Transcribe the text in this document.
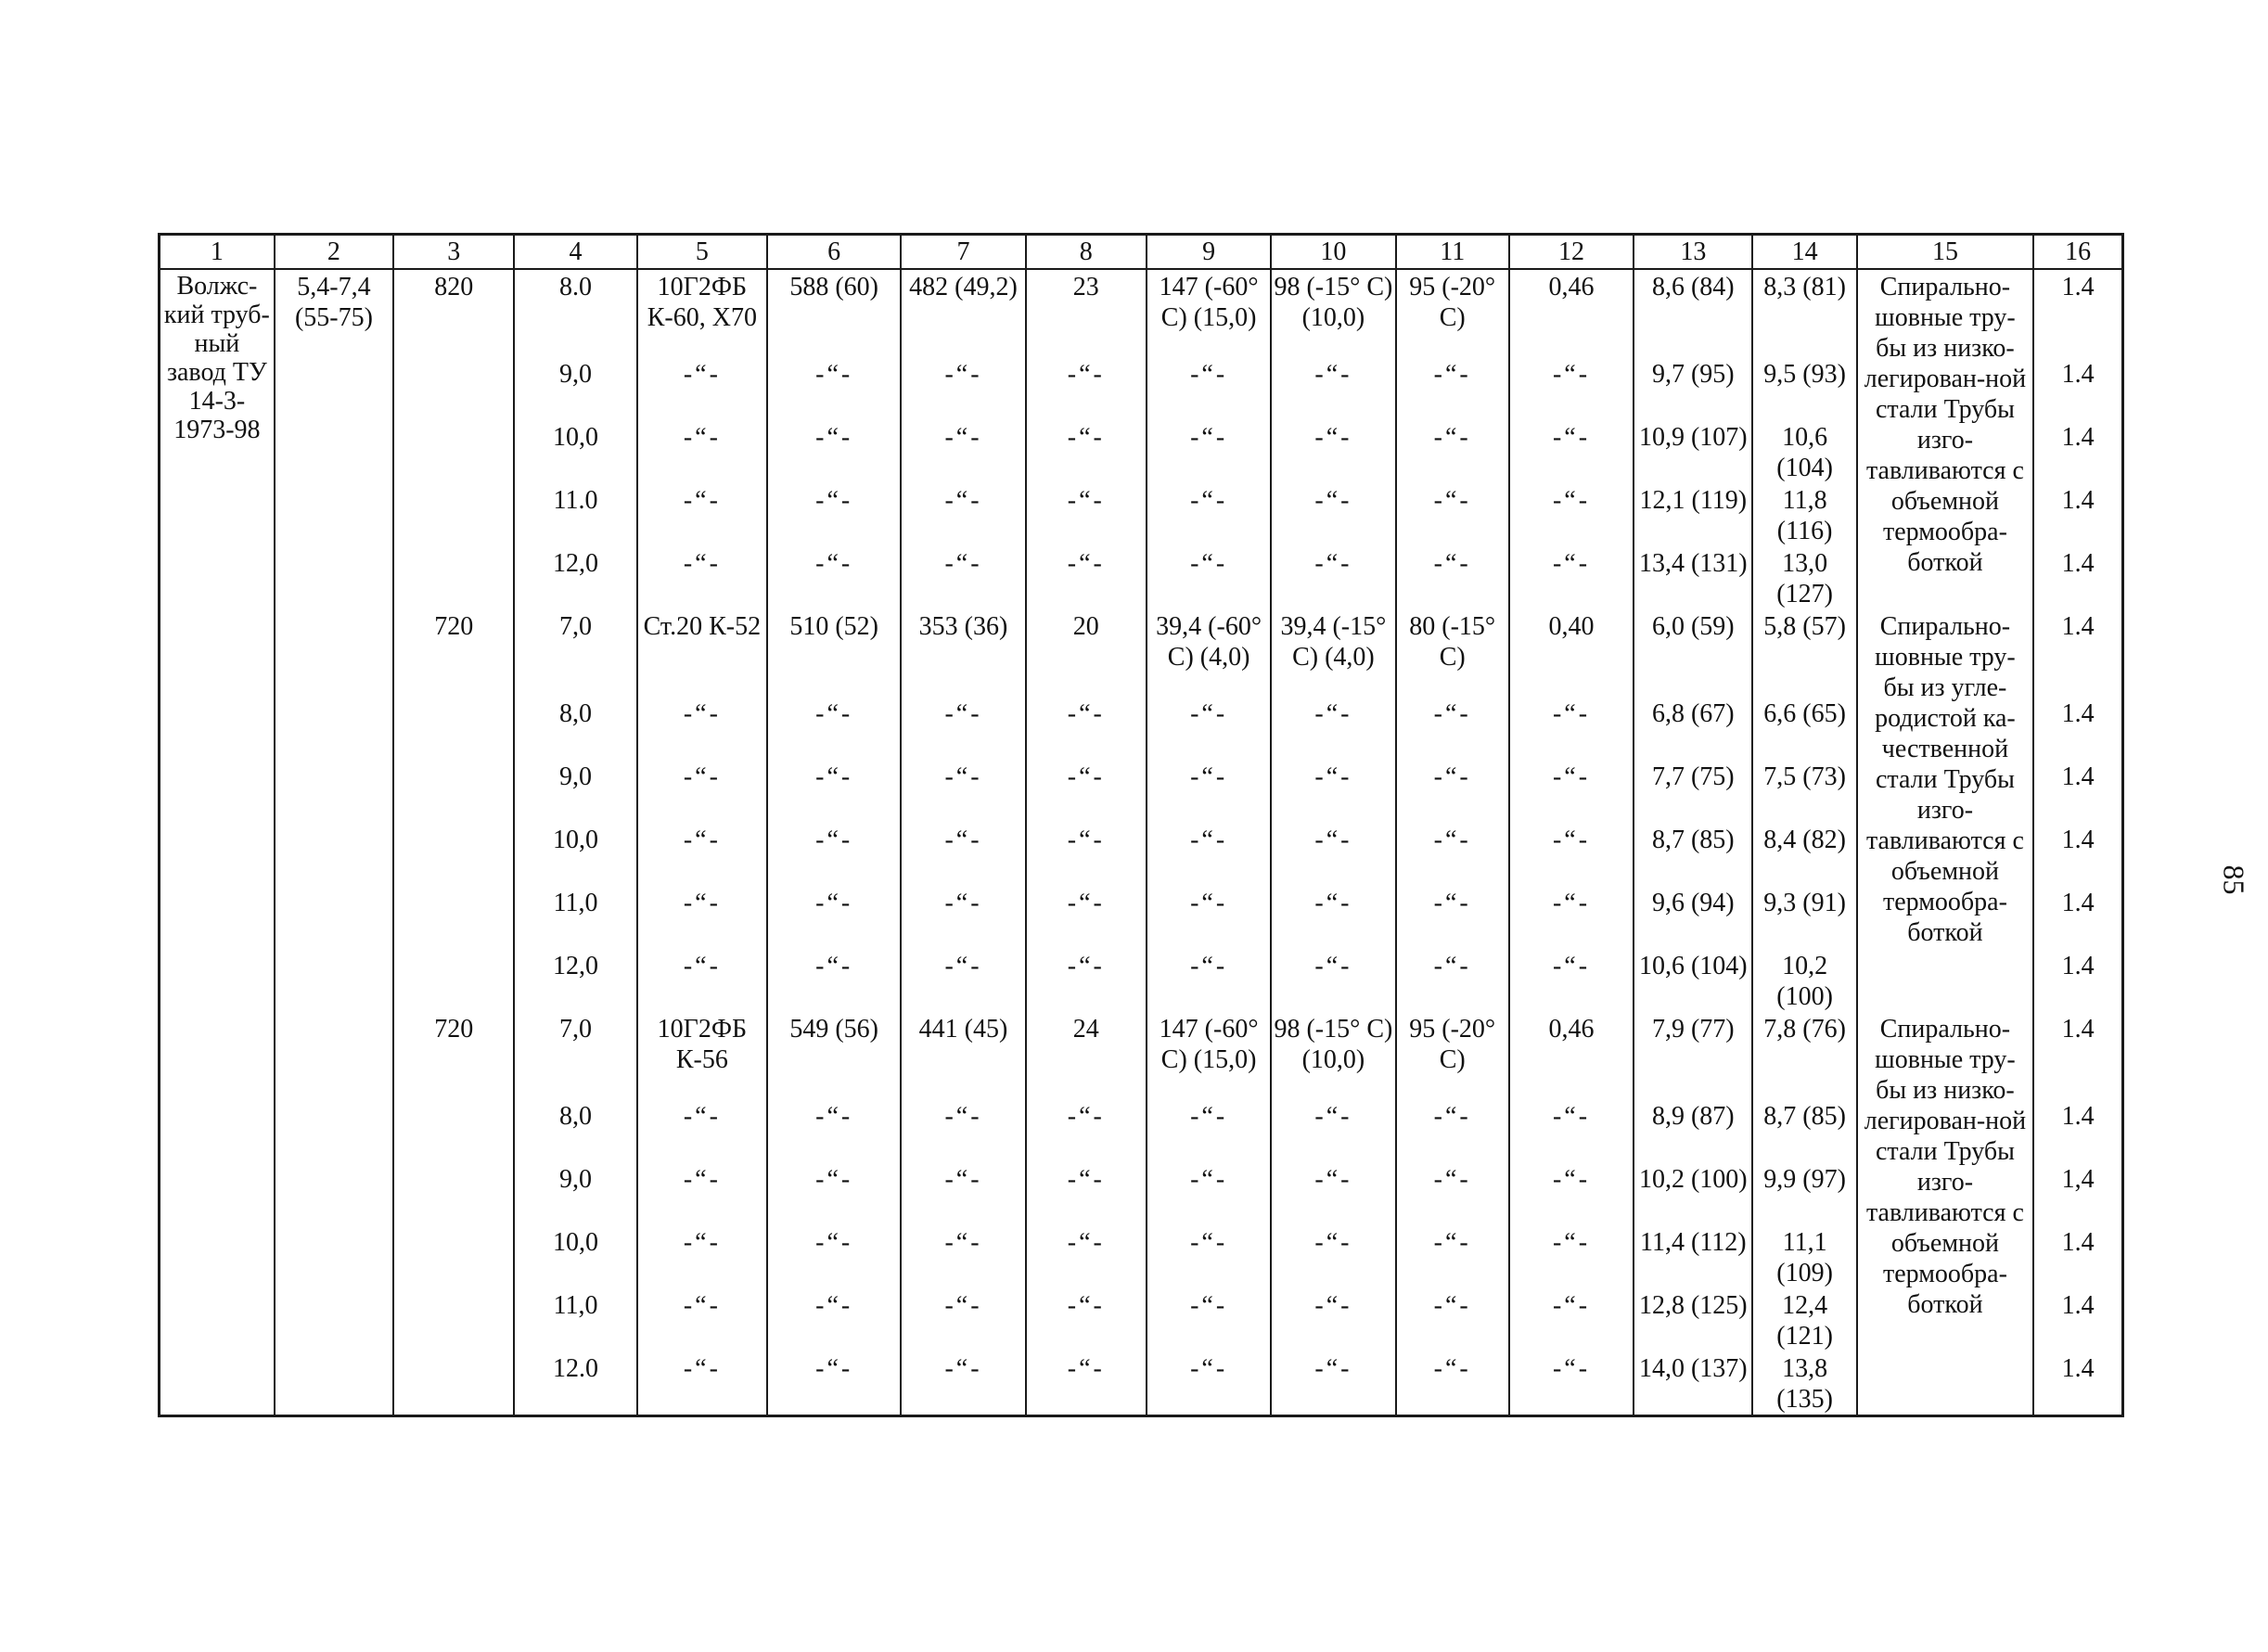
1	2	3	4	5	6	7	8	9	10	11	12	13	14	15	16
Волжс-кий труб-ный завод ТУ 14-3-1973-98	5,4-7,4 (55-75)	820	8.0	10Г2ФБ К-60, Х70	588 (60)	482 (49,2)	23	147 (-60° С) (15,0)	98 (-15° С) (10,0)	95 (-20° С)	0,46	8,6 (84)	8,3 (81)	Спирально-шовные тру-бы из низко-легирован-ной стали Трубы изго-тавливаются с объемной термообра-боткой	1.4
			9,0	-“-	-“-	-“-	-“-	-“-	-“-	-“-	-“-	9,7 (95)	9,5 (93)		1.4
			10,0	-“-	-“-	-“-	-“-	-“-	-“-	-“-	-“-	10,9 (107)	10,6 (104)		1.4
			11.0	-“-	-“-	-“-	-“-	-“-	-“-	-“-	-“-	12,1 (119)	11,8 (116)		1.4
			12,0	-“-	-“-	-“-	-“-	-“-	-“-	-“-	-“-	13,4 (131)	13,0 (127)		1.4
		720	7,0	Ст.20 К-52	510 (52)	353 (36)	20	39,4 (-60° С) (4,0)	39,4 (-15° С) (4,0)	80 (-15° С)	0,40	6,0 (59)	5,8 (57)	Спирально-шовные тру-бы из угле-родистой ка-чественной стали Трубы изго-тавливаются с объемной термообра-боткой	1.4
			8,0	-“-	-“-	-“-	-“-	-“-	-“-	-“-	-“-	6,8 (67)	6,6 (65)		1.4
			9,0	-“-	-“-	-“-	-“-	-“-	-“-	-“-	-“-	7,7 (75)	7,5 (73)		1.4
			10,0	-“-	-“-	-“-	-“-	-“-	-“-	-“-	-“-	8,7 (85)	8,4 (82)		1.4
			11,0	-“-	-“-	-“-	-“-	-“-	-“-	-“-	-“-	9,6 (94)	9,3 (91)		1.4
			12,0	-“-	-“-	-“-	-“-	-“-	-“-	-“-	-“-	10,6 (104)	10,2 (100)		1.4
		720	7,0	10Г2ФБ К-56	549 (56)	441 (45)	24	147 (-60° С) (15,0)	98 (-15° С) (10,0)	95 (-20° С)	0,46	7,9 (77)	7,8 (76)	Спирально-шовные тру-бы из низко-легирован-ной стали Трубы изго-тавливаются с объемной термообра-боткой	1.4
			8,0	-“-	-“-	-“-	-“-	-“-	-“-	-“-	-“-	8,9 (87)	8,7 (85)		1.4
			9,0	-“-	-“-	-“-	-“-	-“-	-“-	-“-	-“-	10,2 (100)	9,9 (97)		1,4
			10,0	-“-	-“-	-“-	-“-	-“-	-“-	-“-	-“-	11,4 (112)	11,1 (109)		1.4
			11,0	-“-	-“-	-“-	-“-	-“-	-“-	-“-	-“-	12,8 (125)	12,4 (121)		1.4
			12.0	-“-	-“-	-“-	-“-	-“-	-“-	-“-	-“-	14,0 (137)	13,8 (135)		1.4
85
